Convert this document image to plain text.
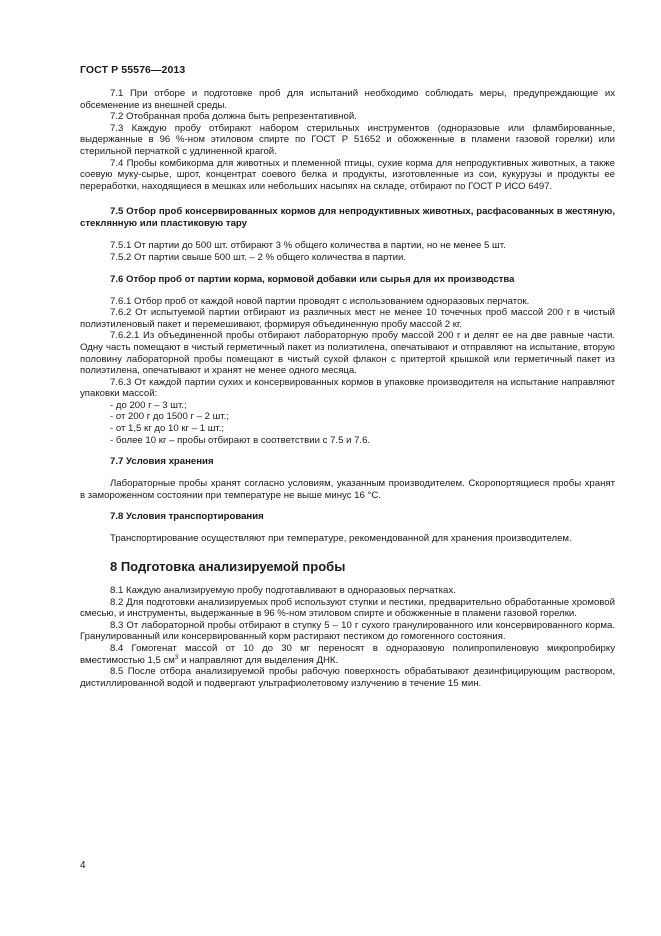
ГОСТ Р 55576—2013

7.1 При отборе и подготовке проб для испытаний необходимо соблюдать меры, предупреждающие их обсеменение из внешней среды.

7.2 Отобранная проба должна быть репрезентативной.

7.3 Каждую пробу отбирают набором стерильных инструментов (одноразовые или фламбированные, выдержанные в 96 %-ном этиловом спирте по ГОСТ Р 51652 и обожженные в пламени газовой горелки) или стерильной перчаткой с удлиненной крагой.

7.4 Пробы комбикорма для животных и племенной птицы, сухие корма для непродуктивных животных, а также соевую муку-сырье, шрот, концентрат соевого белка и продукты, изготовленные из сои, кукурузы и продукты ее переработки, находящиеся в мешках или небольших насыпях на складе, отбирают по ГОСТ Р ИСО 6497.

7.5 Отбор проб консервированных кормов для непродуктивных животных, расфасованных в жестяную, стеклянную или пластиковую тару

7.5.1 От партии до 500 шт. отбирают 3 % общего количества в партии, но не менее 5 шт.

7.5.2 От партии свыше 500 шт. – 2 % общего количества в партии.

7.6 Отбор проб от партии корма, кормовой добавки или сырья для их производства

7.6.1 Отбор проб от каждой новой партии проводят с использованием одноразовых перчаток.

7.6.2 От испытуемой партии отбирают из различных мест не менее 10 точечных проб массой 200 г в чистый полиэтиленовый пакет и перемешивают, формируя объединенную пробу массой 2 кг.

7.6.2.1 Из объединенной пробы отбирают лабораторную пробу массой 200 г и делят ее на две равные части. Одну часть помещают в чистый герметичный пакет из полиэтилена, опечатывают и отправляют на испытание, вторую половину лабораторной пробы помещают в чистый сухой флакон с притертой крышкой или герметичный пакет из полиэтилена, опечатывают и хранят не менее одного месяца.

7.6.3 От каждой партии сухих и консервированных кормов в упаковке производителя на испытание направляют упаковки массой:

- до 200 г – 3 шт.;

- от 200 г до 1500 г – 2 шт.;

- от 1,5 кг до 10 кг – 1 шт.;

- более 10 кг – пробы отбирают в соответствии с 7.5 и 7.6.

7.7 Условия хранения

Лабораторные пробы хранят согласно условиям, указанным производителем. Скоропортящиеся пробы хранят в замороженном состоянии при температуре не выше минус 16 °С.

7.8 Условия транспортирования

Транспортирование осуществляют при температуре, рекомендованной для хранения производителем.

8 Подготовка анализируемой пробы

8.1 Каждую анализируемую пробу подготавливают в одноразовых перчатках.

8.2 Для подготовки анализируемых проб используют ступки и пестики, предварительно обработанные хромовой смесью, и инструменты, выдержанные в 96 %-ном этиловом спирте и обожженные в пламени газовой горелки.

8.3 От лабораторной пробы отбирают в ступку 5 – 10 г сухого гранулированного или консервированного корма. Гранулированный или консервированный корм растирают пестиком до гомогенного состояния.

8.4 Гомогенат массой от 10 до 30 мг переносят в одноразовую полипропиленовую микропробирку вместимостью 1,5 $см^3$ и направляют для выделения ДНК.

8.5 После отбора анализируемой пробы рабочую поверхность обрабатывают дезинфицирующим раствором, дистиллированной водой и подвергают ультрафиолетовому излучению в течение 15 мин.

4
